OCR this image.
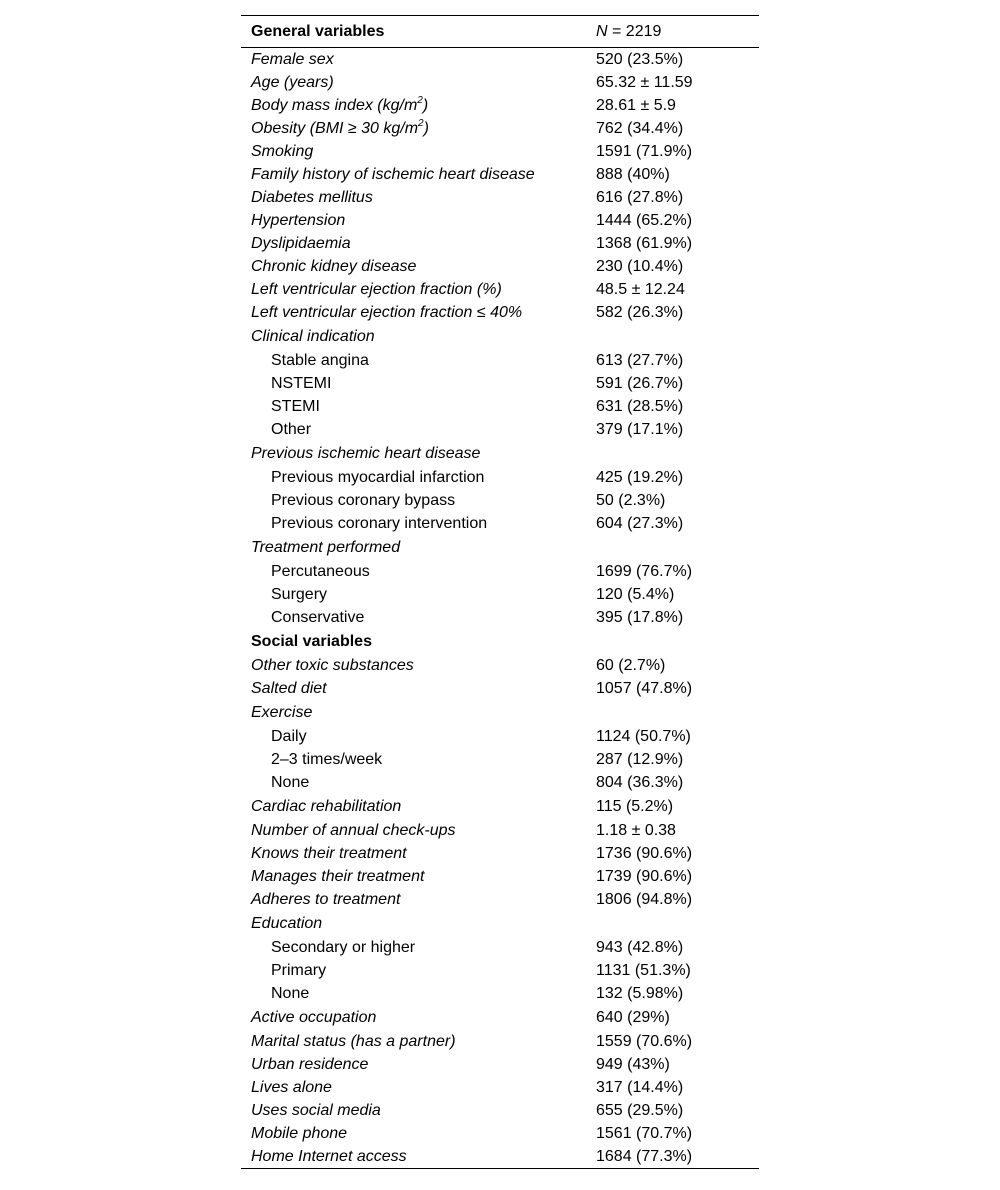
General variables	N = 2219
Female sex	520 (23.5%)
Age (years)	65.32 ± 11.59
Body mass index $(kg/m^2)$	28.61 ± 5.9
Obesity (BMI ≥ 30 $kg/m^2$)	762 (34.4%)
Smoking	1591 (71.9%)
Family history of ischemic heart disease	888 (40%)
Diabetes mellitus	616 (27.8%)
Hypertension	1444 (65.2%)
Dyslipidaemia	1368 (61.9%)
Chronic kidney disease	230 (10.4%)
Left ventricular ejection fraction (%)	48.5 ± 12.24
Left ventricular ejection fraction ≤ 40%	582 (26.3%)
Clinical indication
Stable angina	613 (27.7%)
NSTEMI	591 (26.7%)
STEMI	631 (28.5%)
Other	379 (17.1%)
Previous ischemic heart disease
Previous myocardial infarction	425 (19.2%)
Previous coronary bypass	50 (2.3%)
Previous coronary intervention	604 (27.3%)
Treatment performed
Percutaneous	1699 (76.7%)
Surgery	120 (5.4%)
Conservative	395 (17.8%)
Social variables
Other toxic substances	60 (2.7%)
Salted diet	1057 (47.8%)
Exercise
Daily	1124 (50.7%)
2–3 times/week	287 (12.9%)
None	804 (36.3%)
Cardiac rehabilitation	115 (5.2%)
Number of annual check-ups	1.18 ± 0.38
Knows their treatment	1736 (90.6%)
Manages their treatment	1739 (90.6%)
Adheres to treatment	1806 (94.8%)
Education
Secondary or higher	943 (42.8%)
Primary	1131 (51.3%)
None	132 (5.98%)
Active occupation	640 (29%)
Marital status (has a partner)	1559 (70.6%)
Urban residence	949 (43%)
Lives alone	317 (14.4%)
Uses social media	655 (29.5%)
Mobile phone	1561 (70.7%)
Home Internet access	1684 (77.3%)
